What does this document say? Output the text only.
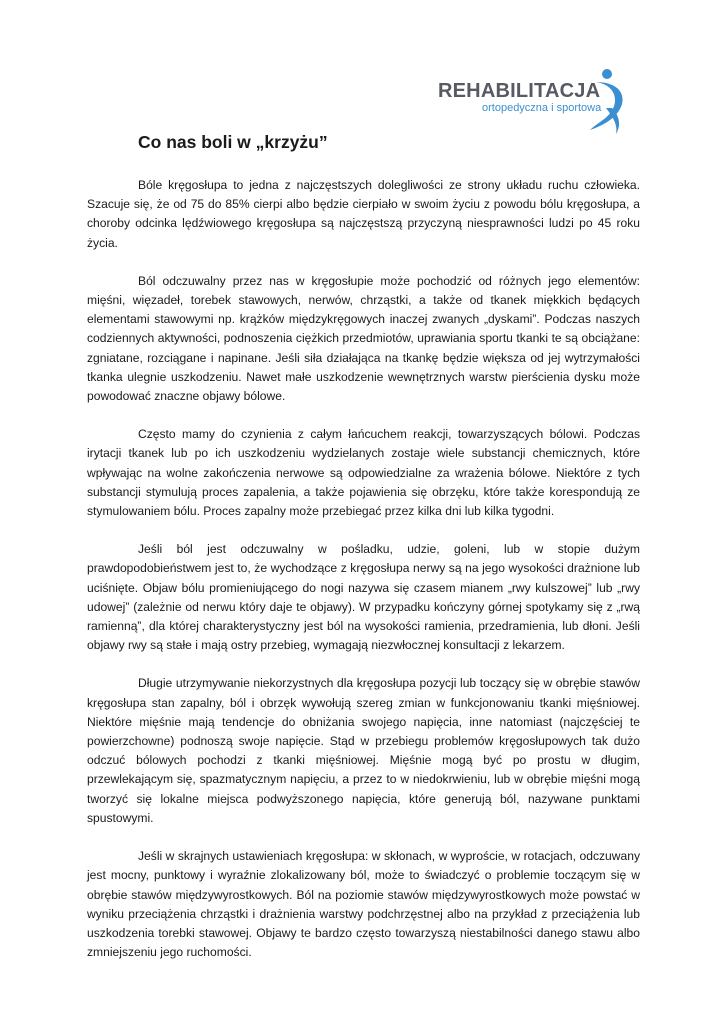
REHABILITACJA
ortopedyczna i sportowa
Co nas boli w „krzyżu”

Bóle kręgosłupa to jedna z najczęstszych dolegliwości ze strony układu ruchu człowieka. Szacuje się, że od 75 do 85% cierpi albo będzie cierpiało w swoim życiu z powodu bólu kręgosłupa, a choroby odcinka lędźwiowego kręgosłupa są najczęstszą przyczyną niesprawności ludzi po 45 roku życia.

Ból odczuwalny przez nas w kręgosłupie może pochodzić od różnych jego elementów: mięśni, więzadeł, torebek stawowych, nerwów, chrząstki, a także od tkanek miękkich będących elementami stawowymi np. krążków międzykręgowych inaczej zwanych „dyskami”. Podczas naszych codziennych aktywności, podnoszenia ciężkich przedmiotów, uprawiania sportu tkanki te są obciążane: zgniatane, rozciągane i napinane. Jeśli siła działająca na tkankę będzie większa od jej wytrzymałości tkanka ulegnie uszkodzeniu. Nawet małe uszkodzenie wewnętrznych warstw pierścienia dysku może powodować znaczne objawy bólowe.

Często mamy do czynienia z całym łańcuchem reakcji, towarzyszących bólowi. Podczas irytacji tkanek lub po ich uszkodzeniu wydzielanych zostaje wiele substancji chemicznych, które wpływając na wolne zakończenia nerwowe są odpowiedzialne za wrażenia bólowe. Niektóre z tych substancji stymulują proces zapalenia, a także pojawienia się obrzęku, które także korespondują ze stymulowaniem bólu. Proces zapalny może przebiegać przez kilka dni lub kilka tygodni.

Jeśli ból jest odczuwalny w pośladku, udzie, goleni, lub w stopie dużym prawdopodobieństwem jest to, że wychodzące z kręgosłupa nerwy są na jego wysokości drażnione lub uciśnięte. Objaw bólu promieniującego do nogi nazywa się czasem mianem „rwy kulszowej” lub „rwy udowej” (zależnie od nerwu który daje te objawy). W przypadku kończyny górnej spotykamy się z „rwą ramienną”, dla której charakterystyczny jest ból na wysokości ramienia, przedramienia, lub dłoni. Jeśli objawy rwy są stałe i mają ostry przebieg, wymagają niezwłocznej konsultacji z lekarzem.

Długie utrzymywanie niekorzystnych dla kręgosłupa pozycji lub toczący się w obrębie stawów kręgosłupa stan zapalny, ból i obrzęk wywołują szereg zmian w funkcjonowaniu tkanki mięśniowej. Niektóre mięśnie mają tendencje do obniżania swojego napięcia, inne natomiast (najczęściej te powierzchowne) podnoszą swoje napięcie. Stąd w przebiegu problemów kręgosłupowych tak dużo odczuć bólowych pochodzi z tkanki mięśniowej. Mięśnie mogą być po prostu w długim, przewlekającym się, spazmatycznym napięciu, a przez to w niedokrwieniu, lub w obrębie mięśni mogą tworzyć się lokalne miejsca podwyższonego napięcia, które generują ból, nazywane punktami spustowymi.

Jeśli w skrajnych ustawieniach kręgosłupa: w skłonach, w wyproście, w rotacjach, odczuwany jest mocny, punktowy i wyraźnie zlokalizowany ból, może to świadczyć o problemie toczącym się w obrębie stawów międzywyrostkowych. Ból na poziomie stawów międzywyrostkowych może powstać w wyniku przeciążenia chrząstki i drażnienia warstwy podchrzęstnej albo na przykład z przeciążenia lub uszkodzenia torebki stawowej. Objawy te bardzo często towarzyszą niestabilności danego stawu albo zmniejszeniu jego ruchomości.
